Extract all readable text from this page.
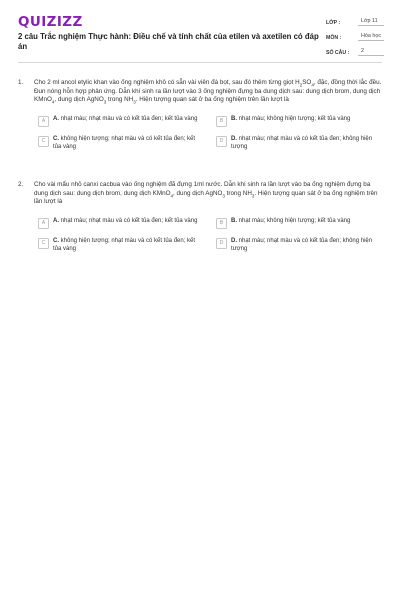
QUIZIZZ
2 câu Trắc nghiệm Thực hành: Điều chế và tính chất của etilen và axetilen có đáp án
LỚP :	Lớp 11
MÔN :	Hóa học
SỐ CÂU :	2
1. Cho 2 ml ancol etylic khan vào ống nghiệm khô có sẵn vài viên đá bọt, sau đó thêm từng giọt $H_2SO_4$, đặc, đồng thời lắc đều. Đun nóng hỗn hợp phản ứng. Dẫn khí sinh ra lần lượt vào 3 ống nghiệm đựng ba dung dịch sau: dung dịch brom, dung dịch KMnO$_4$, dung dịch AgNO$_3$ trong $NH_3$. Hiện tượng quan sát ở ba ống nghiệm trên lần lượt là
A	A. nhạt màu; nhạt màu và có kết tủa đen; kết tủa vàng	B	B. nhạt màu; không hiện tượng; kết tủa vàng
C	C. không hiện tượng; nhạt màu và có kết tủa đen; kết tủa vàng
D	D. nhạt màu; nhạt màu và có kết tủa đen; không hiện tượng
2. Cho vài mẩu nhỏ canxi cacbua vào ống nghiệm đã đựng 1ml nước. Dẫn khí sinh ra lần lượt vào ba ống nghiệm đựng ba dung dịch sau: dung dịch brom, dung dịch KMnO$_4$, dung dịch AgNO$_3$ trong $NH_3$. Hiện tượng quan sát ở ba ống nghiệm trên lần lượt là
A	A. nhạt màu; nhạt màu và có kết tủa đen; kết tủa vàng	B	B. nhạt màu; không hiện tượng; kết tủa vàng
C	C. không hiện tượng; nhạt màu và có kết tủa đen; kết tủa vàng
D	D. nhạt màu; nhạt màu và có kết tủa đen; không hiện tượng
